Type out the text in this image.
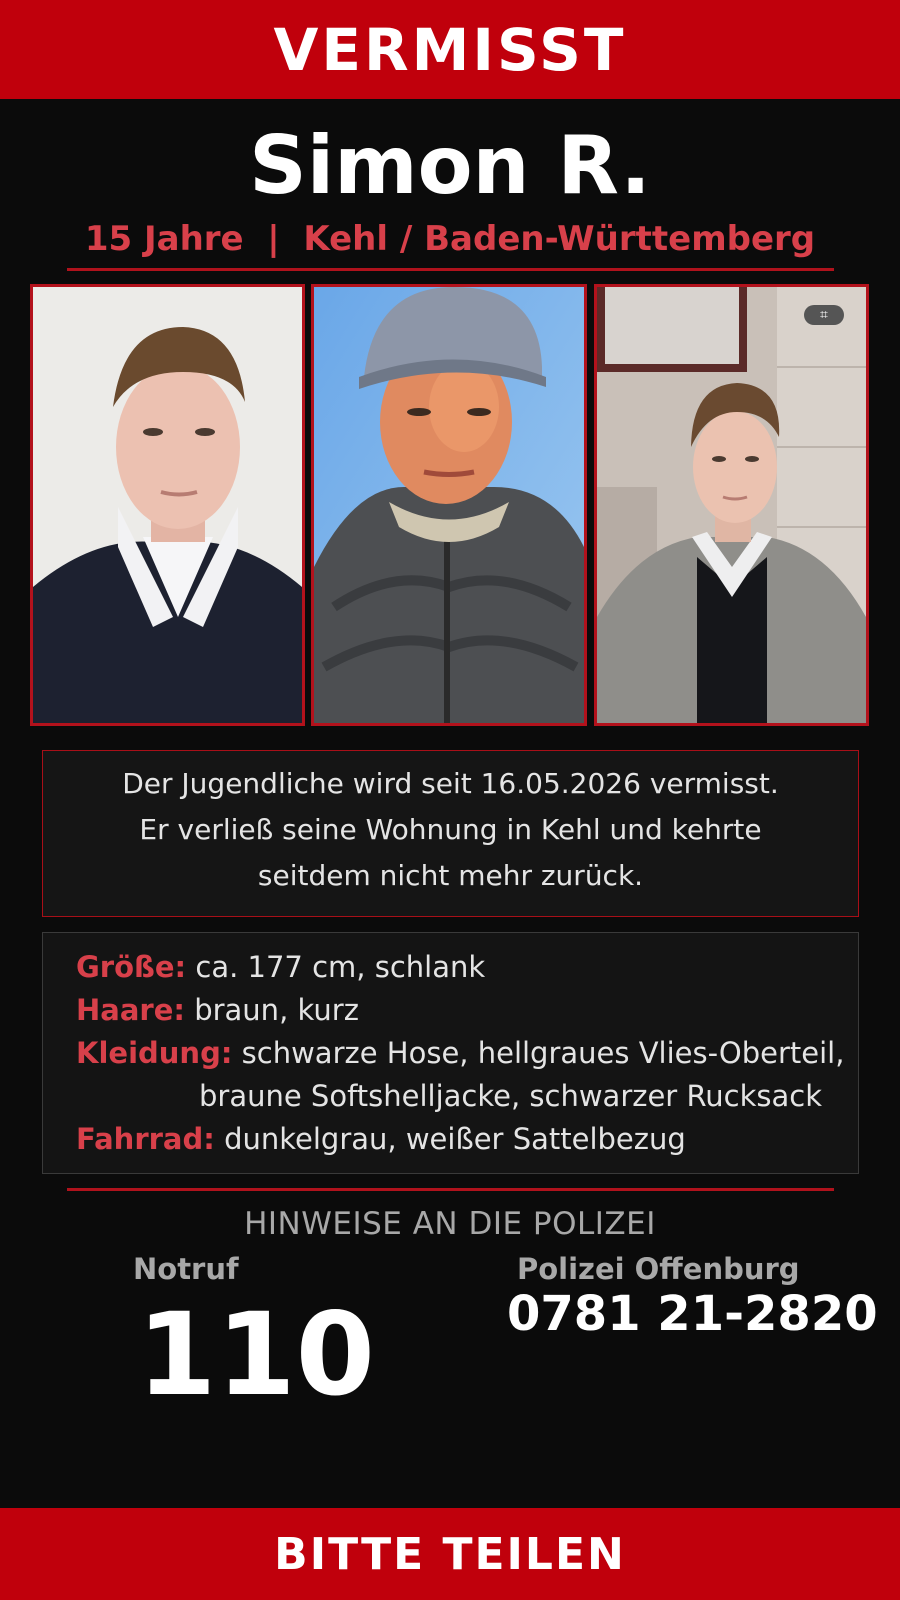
VERMISST
Simon R.
15 Jahre  |  Kehl / Baden-Württemberg
⌗
Der Jugendliche wird seit 16.05.2026 vermisst.
Er verließ seine Wohnung in Kehl und kehrte
seitdem nicht mehr zurück.
Größe: ca. 177 cm, schlank
Haare: braun, kurz
Kleidung: schwarze Hose, hellgraues Vlies-Oberteil,
braune Softshelljacke, schwarzer Rucksack
Fahrrad: dunkelgrau, weißer Sattelbezug
HINWEISE AN DIE POLIZEI
Notruf	Polizei Offenburg
110	0781 21-2820
BITTE TEILEN
